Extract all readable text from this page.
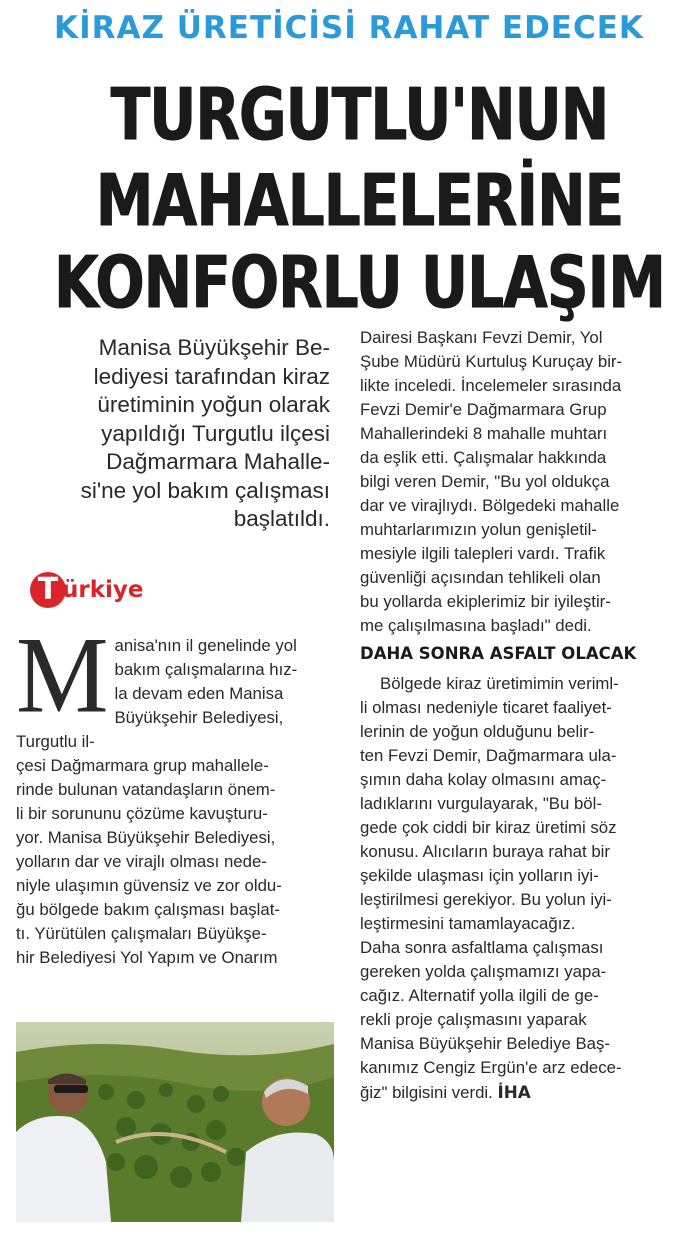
KİRAZ ÜRETİCİSİ RAHAT EDECEK
TURGUTLU'NUN
MAHALLELERİNE
KONFORLU ULAŞIM
Manisa Büyükşehir Be-
lediyesi tarafından kiraz
üretiminin yoğun olarak
yapıldığı Turgutlu ilçesi
Dağmarmara Mahalle-
si'ne yol bakım çalışması
başlatıldı.
T ürkiye
M anisa'nın il genelinde yol
bakım çalışmalarına hız-
la devam eden Manisa
Büyükşehir Belediyesi, Turgutlu il-
çesi Dağmarmara grup mahallele-
rinde bulunan vatandaşların önem-
li bir sorununu çözüme kavuşturu-
yor. Manisa Büyükşehir Belediyesi,
yolların dar ve virajlı olması nede-
niyle ulaşımın güvensiz ve zor oldu-
ğu bölgede bakım çalışması başlat-
tı. Yürütülen çalışmaları Büyükşe-
hir Belediyesi Yol Yapım ve Onarım
Dairesi Başkanı Fevzi Demir, Yol
Şube Müdürü Kurtuluş Kuruçay bir-
likte inceledi. İncelemeler sırasında
Fevzi Demir'e Dağmarmara Grup
Mahallerindeki 8 mahalle muhtarı
da eşlik etti. Çalışmalar hakkında
bilgi veren Demir, "Bu yol oldukça
dar ve virajlıydı. Bölgedeki mahalle
muhtarlarımızın yolun genişletil-
mesiyle ilgili talepleri vardı. Trafik
güvenliği açısından tehlikeli olan
bu yollarda ekiplerimiz bir iyileştir-
me çalışılmasına başladı" dedi.
DAHA SONRA ASFALT OLACAK
Bölgede kiraz üretimimin veriml-
li olması nedeniyle ticaret faaliyet-
lerinin de yoğun olduğunu belir-
ten Fevzi Demir, Dağmarmara ula-
şımın daha kolay olmasını amaç-
ladıklarını vurgulayarak, "Bu böl-
gede çok ciddi bir kiraz üretimi söz
konusu. Alıcıların buraya rahat bir
şekilde ulaşması için yolların iyi-
leştirilmesi gerekiyor. Bu yolun iyi-
leştirmesini tamamlayacağız.
Daha sonra asfaltlama çalışması
gereken yolda çalışmamızı yapa-
cağız. Alternatif yolla ilgili de ge-
rekli proje çalışmasını yaparak
Manisa Büyükşehir Belediye Baş-
kanımız Cengiz Ergün'e arz edece-
ğiz" bilgisini verdi. İHA
